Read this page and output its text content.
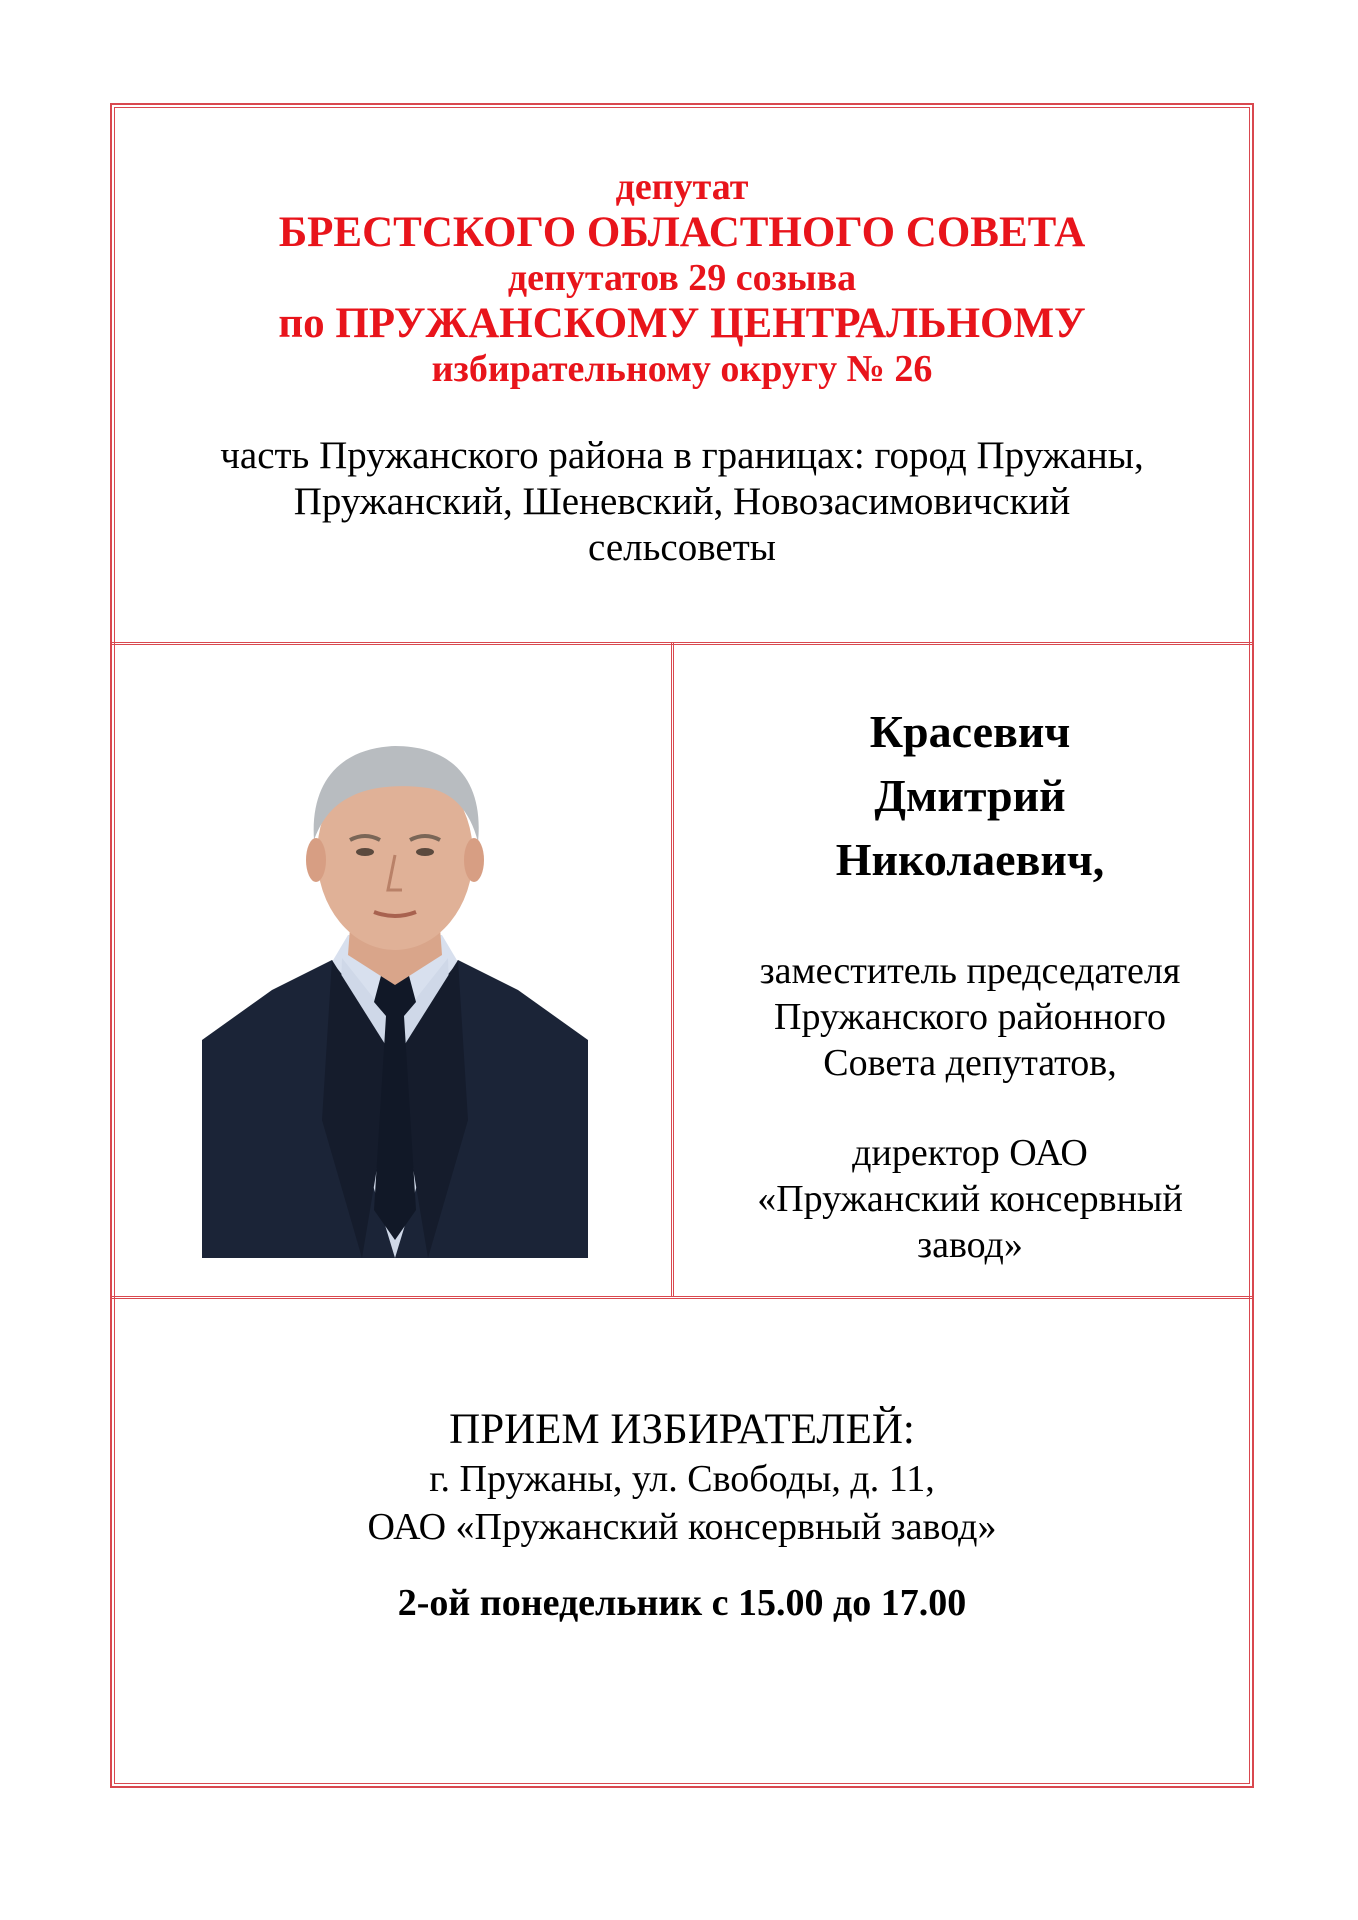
депутат

БРЕСТСКОГО ОБЛАСТНОГО СОВЕТА

депутатов 29 созыва

по ПРУЖАНСКОМУ ЦЕНТРАЛЬНОМУ

избирательному округу № 26

часть Пружанского района в границах: город Пружаны,
Пружанский, Шеневский, Новозасимовичский
сельсоветы
Красевич
Дмитрий
Николаевич,
заместитель председателя
Пружанского районного
Совета депутатов,
директор ОАО
«Пружанский консервный
завод»
ПРИЕМ ИЗБИРАТЕЛЕЙ:
г. Пружаны, ул. Свободы, д. 11,
ОАО «Пружанский консервный завод»
2-ой понедельник с 15.00 до 17.00
